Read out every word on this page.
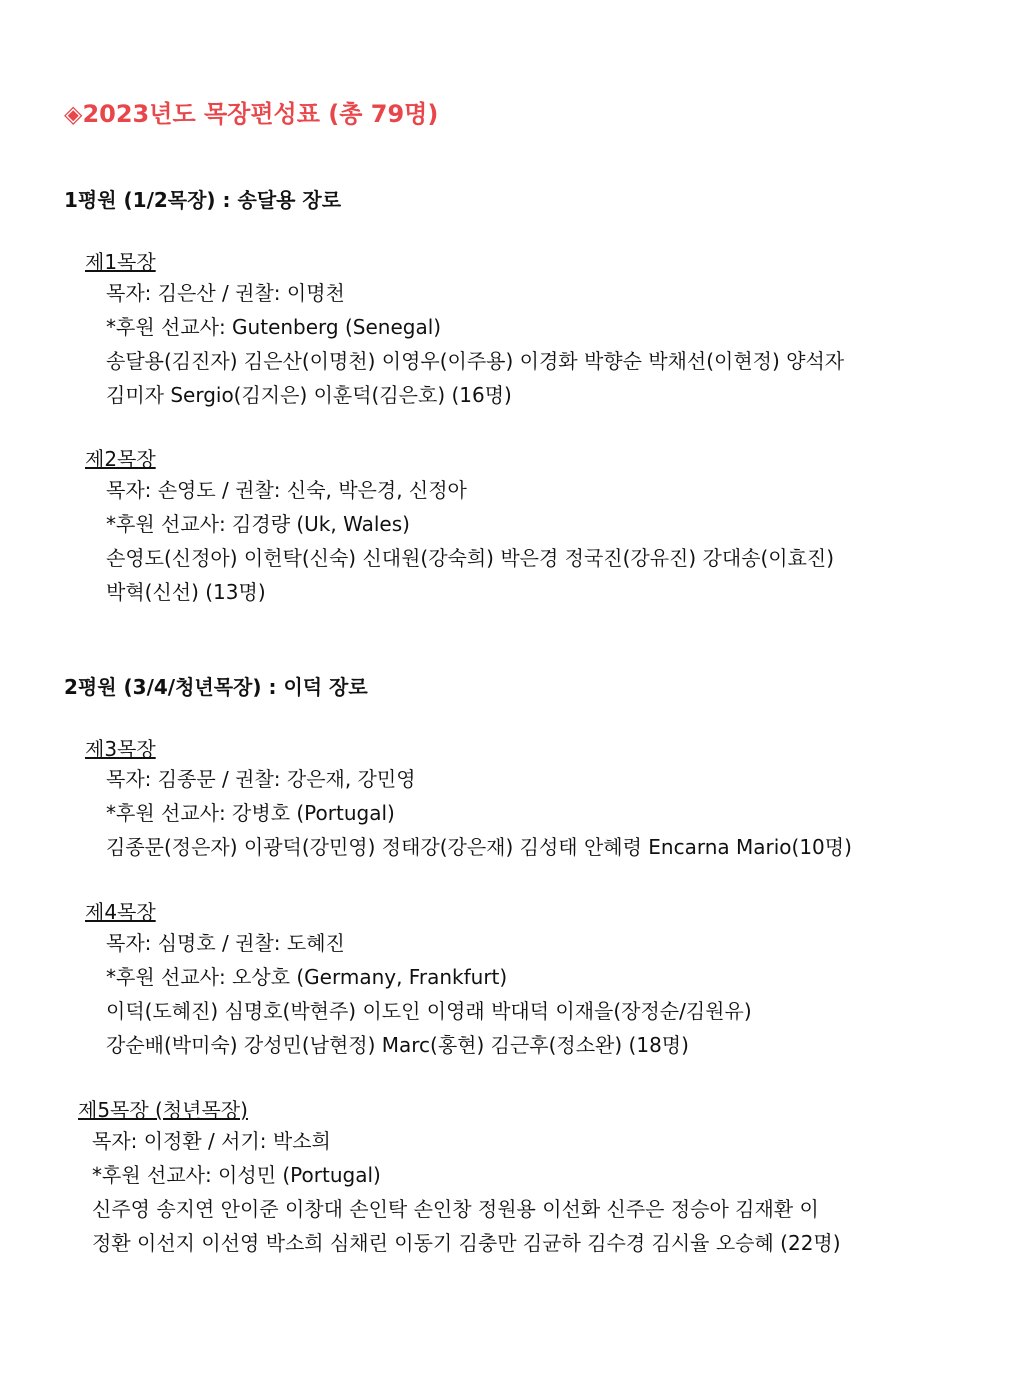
◈2023년도 목장편성표 (총 79명)
1평원 (1/2목장) : 송달용 장로
제1목장
목자: 김은산 / 권찰: 이명천
*후원 선교사: Gutenberg (Senegal)
송달용(김진자) 김은산(이명천) 이영우(이주용) 이경화 박향순 박채선(이현정) 양석자
김미자 Sergio(김지은) 이훈덕(김은호) (16명)
제2목장
목자: 손영도 / 권찰: 신숙, 박은경, 신정아
*후원 선교사: 김경량 (Uk, Wales)
손영도(신정아) 이헌탁(신숙) 신대원(강숙희) 박은경 정국진(강유진) 강대송(이효진)
박혁(신선) (13명)
2평원 (3/4/청년목장) : 이덕 장로
제3목장
목자: 김종문 / 권찰: 강은재, 강민영
*후원 선교사: 강병호 (Portugal)
김종문(정은자) 이광덕(강민영) 정태강(강은재) 김성태 안혜령 Encarna Mario(10명)
제4목장
목자: 심명호 / 권찰: 도혜진
*후원 선교사: 오상호 (Germany, Frankfurt)
이덕(도혜진) 심명호(박현주) 이도인 이영래 박대덕 이재을(장정순/김원유)
강순배(박미숙) 강성민(남현정) Marc(홍현) 김근후(정소완) (18명)
제5목장 (청년목장)
목자: 이정환 / 서기: 박소희
*후원 선교사: 이성민 (Portugal)
신주영 송지연 안이준 이창대 손인탁 손인창 정원용 이선화 신주은 정승아 김재환 이
정환 이선지 이선영 박소희 심채린 이동기 김충만 김균하 김수경 김시율 오승혜 (22명)
